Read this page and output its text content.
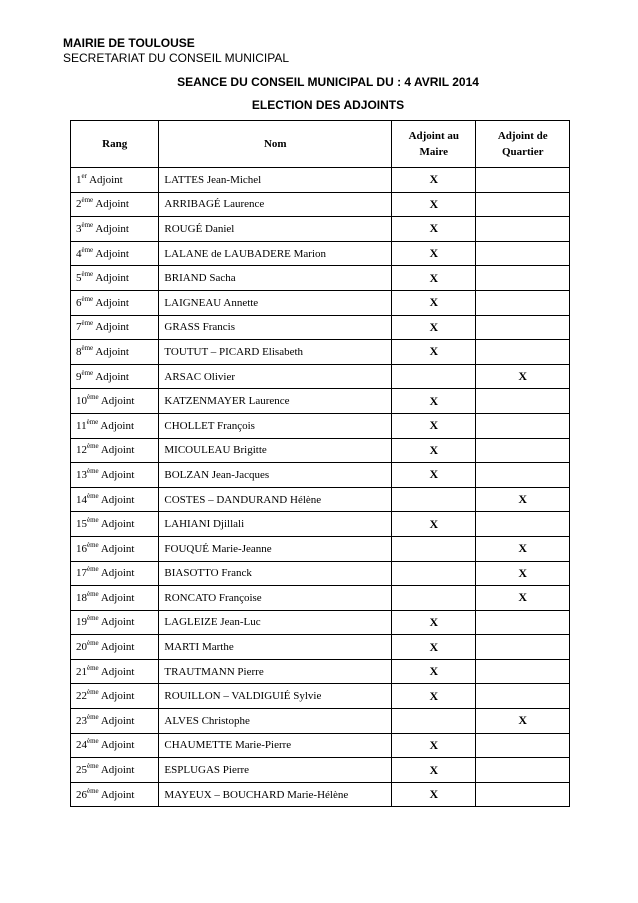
MAIRIE DE TOULOUSE
SECRETARIAT DU CONSEIL MUNICIPAL
SEANCE DU CONSEIL MUNICIPAL DU : 4 AVRIL 2014
ELECTION DES ADJOINTS
Rang	Nom	Adjoint au Maire	Adjoint de Quartier
1er Adjoint	LATTES Jean-Michel	X	
2ème Adjoint	ARRIBAGÉ Laurence	X	
3ème Adjoint	ROUGÉ Daniel	X	
4ème Adjoint	LALANE de LAUBADERE Marion	X	
5ème Adjoint	BRIAND Sacha	X	
6ème Adjoint	LAIGNEAU Annette	X	
7ème Adjoint	GRASS Francis	X	
8ème Adjoint	TOUTUT – PICARD Elisabeth	X	
9ème Adjoint	ARSAC Olivier		X
10ème Adjoint	KATZENMAYER Laurence	X	
11ème Adjoint	CHOLLET François	X	
12ème Adjoint	MICOULEAU Brigitte	X	
13ème Adjoint	BOLZAN Jean-Jacques	X	
14ème Adjoint	COSTES – DANDURAND Hélène		X
15ème Adjoint	LAHIANI Djillali	X	
16ème Adjoint	FOUQUÉ Marie-Jeanne		X
17ème Adjoint	BIASOTTO Franck		X
18ème Adjoint	RONCATO Françoise		X
19ème Adjoint	LAGLEIZE Jean-Luc	X	
20ème Adjoint	MARTI Marthe	X	
21ème Adjoint	TRAUTMANN Pierre	X	
22ème Adjoint	ROUILLON – VALDIGUIÉ Sylvie	X	
23ème Adjoint	ALVES Christophe		X
24ème Adjoint	CHAUMETTE Marie-Pierre	X	
25ème Adjoint	ESPLUGAS Pierre	X	
26ème Adjoint	MAYEUX – BOUCHARD Marie-Hélène	X	
